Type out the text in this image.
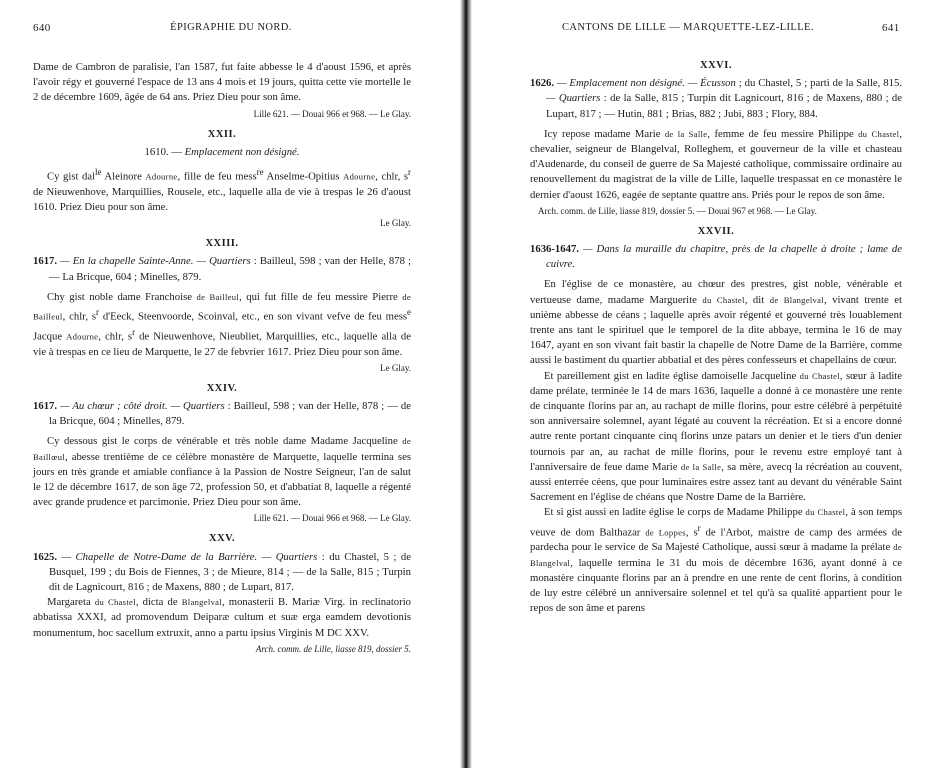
640	ÉPIGRAPHIE DU NORD.

Dame de Cambron de paralisie, l'an 1587, fut faite abbesse le 4 d'aoust 1596, et après l'avoir régy et gouverné l'espace de 13 ans 4 mois et 19 jours, quitta cette vie mortelle le 2 de décembre 1609, âgée de 64 ans. Priez Dieu pour son âme.

Lille 621. — Douai 966 et 968. — Le Glay.
XXII.

1610. — Emplacement non désigné.

Cy gist dal$^{le}$ Aleinore Adourne, fille de feu mess$^{re}$ Anselme-Opitius Adourne, chlr, $s^r$ de Nieuwenhove, Marquillies, Rousele, etc., laquelle alla de vie à trespas le 26 d'aoust 1610. Priez Dieu pour son âme.

Le Glay.
XXIII.

1617. — En la chapelle Sainte-Anne. — Quartiers : Bailleul, 598 ; van der Helle, 878 ; — La Bricque, 604 ; Minelles, 879.

Chy gist noble dame Franchoise de Bailleul, qui fut fille de feu messire Pierre de Bailleul, chlr, $s^r$ d'Eeck, Steenvoorde, Scoinval, etc., en son vivant vefve de feu mess$^e$ Jacque Adourne, chlr, $s^r$ de Nieuwenhove, Nieubliet, Marquillies, etc., laquelle alla de vie à trespas en ce lieu de Marquette, le 27 de febvrier 1617. Priez Dieu pour son âme.

Le Glay.
XXIV.

1617. — Au chœur ; côté droit. — Quartiers : Bailleul, 598 ; van der Helle, 878 ; — de la Bricque, 604 ; Minelles, 879.

Cy dessous gist le corps de vénérable et très noble dame Madame Jacqueline de Baillœul, abesse trentième de ce célèbre monastère de Marquette, laquelle termina ses jours en très grande et amiable confiance à la Passion de Nostre Seigneur, l'an de salut le 12 de décembre 1617, de son âge 72, profession 50, et d'abbatiat 8, laquelle a régenté avec grande prudence et parcimonie. Priez Dieu pour son âme.

Lille 621. — Douai 966 et 968. — Le Glay.
XXV.

1625. — Chapelle de Notre-Dame de la Barrière. — Quartiers : du Chastel, 5 ; de Busquel, 199 ; du Bois de Fiennes, 3 ; de Mieure, 814 ; — de la Salle, 815 ; Turpin dit de Lagnicourt, 816 ; de Maxens, 880 ; de Lupart, 817.

Margareta du Chastel, dicta de Blangelval, monasterii B. Mariæ Virg. in reclinatorio abbatissa XXXI, ad promovendum Deiparæ cultum et suæ erga eamdem devotionis monumentum, hoc sacellum extruxit, anno a partu ipsius Virginis M DC XXV.

Arch. comm. de Lille, liasse 819, dossier 5.
CANTONS DE LILLE — MARQUETTE-LEZ-LILLE.	641
XXVI.

1626. — Emplacement non désigné. — Écusson ; du Chastel, 5 ; parti de la Salle, 815. — Quartiers : de la Salle, 815 ; Turpin dit Lagnicourt, 816 ; de Maxens, 880 ; de Lupart, 817 ; — Hutin, 881 ; Brias, 882 ; Jubi, 883 ; Flory, 884.

Icy repose madame Marie de la Salle, femme de feu messire Philippe du Chastel, chevalier, seigneur de Blangelval, Rolleghem, et gouverneur de la ville et chasteau d'Audenarde, du conseil de guerre de Sa Majesté catholique, commissaire ordinaire au renouvellement du magistrat de la ville de Lille, laquelle trespassat en ce monastère le dernier d'aoust 1626, eagée de septante quattre ans. Priés pour le repos de son âme.

Arch. comm. de Lille, liasse 819, dossier 5. — Douai 967 et 968. — Le Glay.
XXVII.

1636-1647. — Dans la muraille du chapitre, près de la chapelle à droite ; lame de cuivre.

En l'église de ce monastère, au chœur des prestres, gist noble, vénérable et vertueuse dame, madame Marguerite du Chastel, dit de Blangelval, vivant trente et unième abbesse de céans ; laquelle après avoir régenté et gouverné très louablement trente ans tant le spirituel que le temporel de la dite abbaye, termina le 16 de may 1647, ayant en son vivant fait bastir la chapelle de Notre Dame de la Barrière, comme aussi le bastiment du quartier abbatial et des pères confesseurs et chapellains de cœur.

Et pareillement gist en ladite église damoiselle Jacqueline du Chastel, sœur à ladite dame prélate, terminée le 14 de mars 1636, laquelle a donné à ce monastère une rente de cinquante florins par an, au rachapt de mille florins, pour estre célébré à perpétuité son anniversaire solemnel, ayant légaté au couvent la récréation. Et si a encore donné autre rente portant cinquante cinq florins unze patars un denier et le tiers d'un denier tournois par an, au rachat de mille florins, pour le revenu estre employé tant à l'anniversaire de feue dame Marie de la Salle, sa mère, avecq la récréation au couvent, aussi enterrée céens, que pour luminaires estre assez tant au devant du vénérable Saint Sacrement en l'église de chéans que Nostre Dame de la Barrière.

Et si gist aussi en ladite église le corps de Madame Philippe du Chastel, à son temps veuve de dom Balthazar de Loppes, $s^r$ de l'Arbot, maistre de camp des armées de pardecha pour le service de Sa Majesté Catholique, aussi sœur à madame la prélate de Blangelval, laquelle termina le 31 du mois de décembre 1636, ayant donné à ce monastère cinquante florins par an à prendre en une rente de cent florins, à condition de luy estre célébré un anniversaire solennel et tel qu'à sa qualité appartient pour le repos de son âme et parens
